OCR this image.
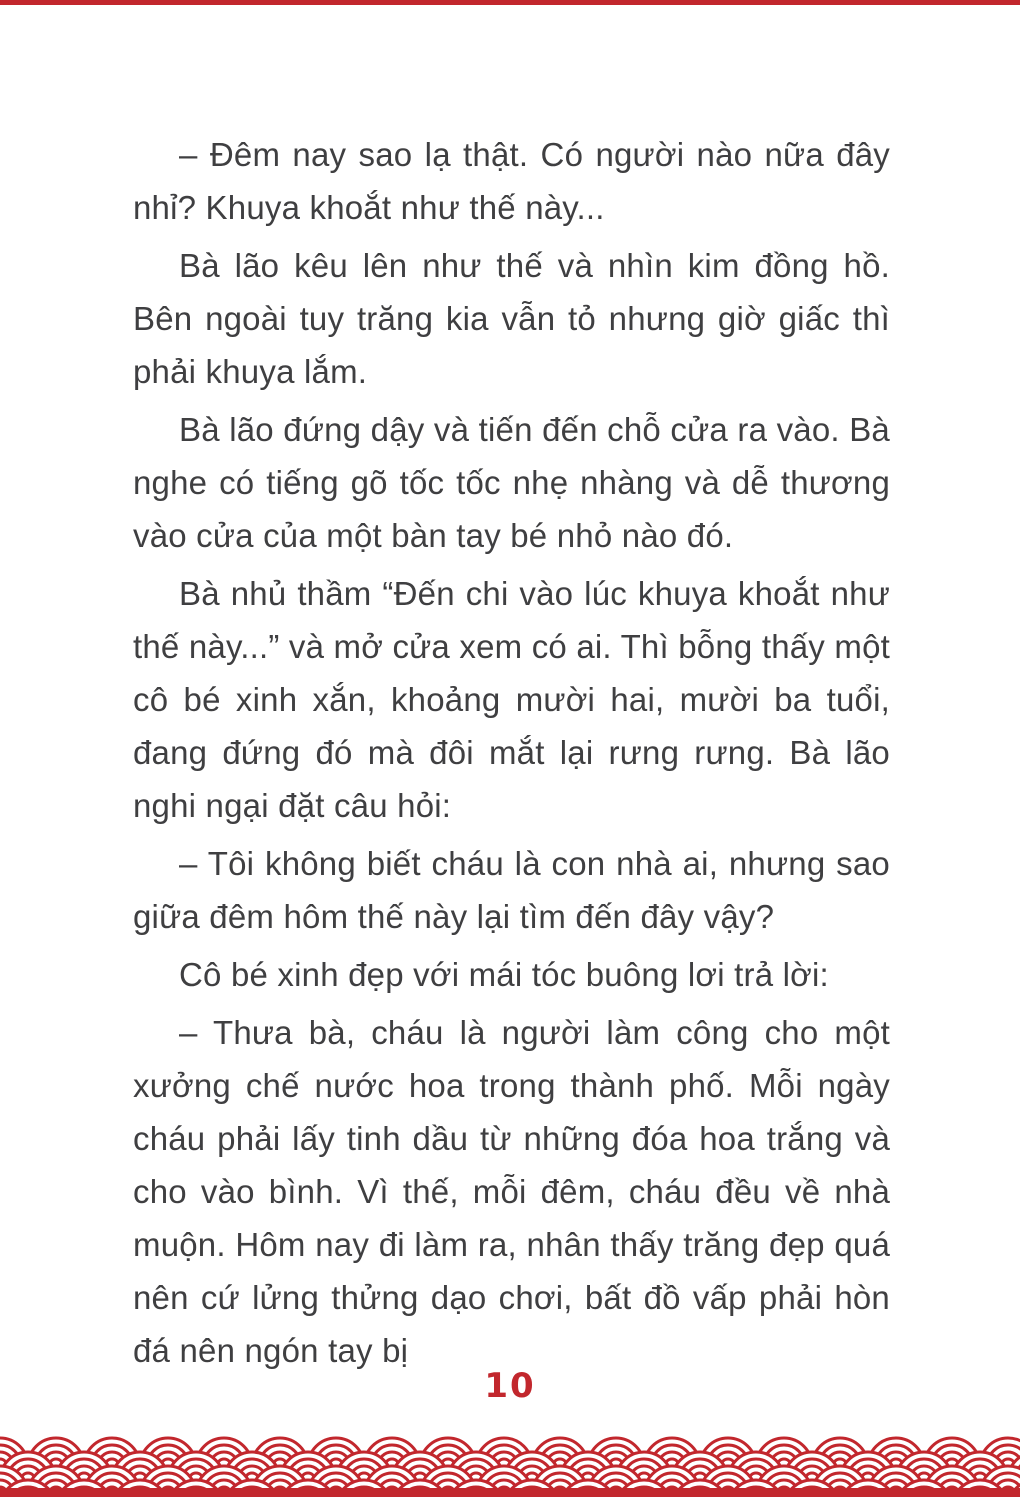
– Đêm nay sao lạ thật. Có người nào nữa đây nhỉ? Khuya khoắt như thế này...

Bà lão kêu lên như thế và nhìn kim đồng hồ. Bên ngoài tuy trăng kia vẫn tỏ nhưng giờ giấc thì phải khuya lắm.

Bà lão đứng dậy và tiến đến chỗ cửa ra vào. Bà nghe có tiếng gõ tốc tốc nhẹ nhàng và dễ thương vào cửa của một bàn tay bé nhỏ nào đó.

Bà nhủ thầm “Đến chi vào lúc khuya khoắt như thế này...” và mở cửa xem có ai. Thì bỗng thấy một cô bé xinh xắn, khoảng mười hai, mười ba tuổi, đang đứng đó mà đôi mắt lại rưng rưng. Bà lão nghi ngại đặt câu hỏi:

– Tôi không biết cháu là con nhà ai, nhưng sao giữa đêm hôm thế này lại tìm đến đây vậy?

Cô bé xinh đẹp với mái tóc buông lơi trả lời:

– Thưa bà, cháu là người làm công cho một xưởng chế nước hoa trong thành phố. Mỗi ngày cháu phải lấy tinh dầu từ những đóa hoa trắng và cho vào bình. Vì thế, mỗi đêm, cháu đều về nhà muộn. Hôm nay đi làm ra, nhân thấy trăng đẹp quá nên cứ lửng thửng dạo chơi, bất đồ vấp phải hòn đá nên ngón tay bị

10
